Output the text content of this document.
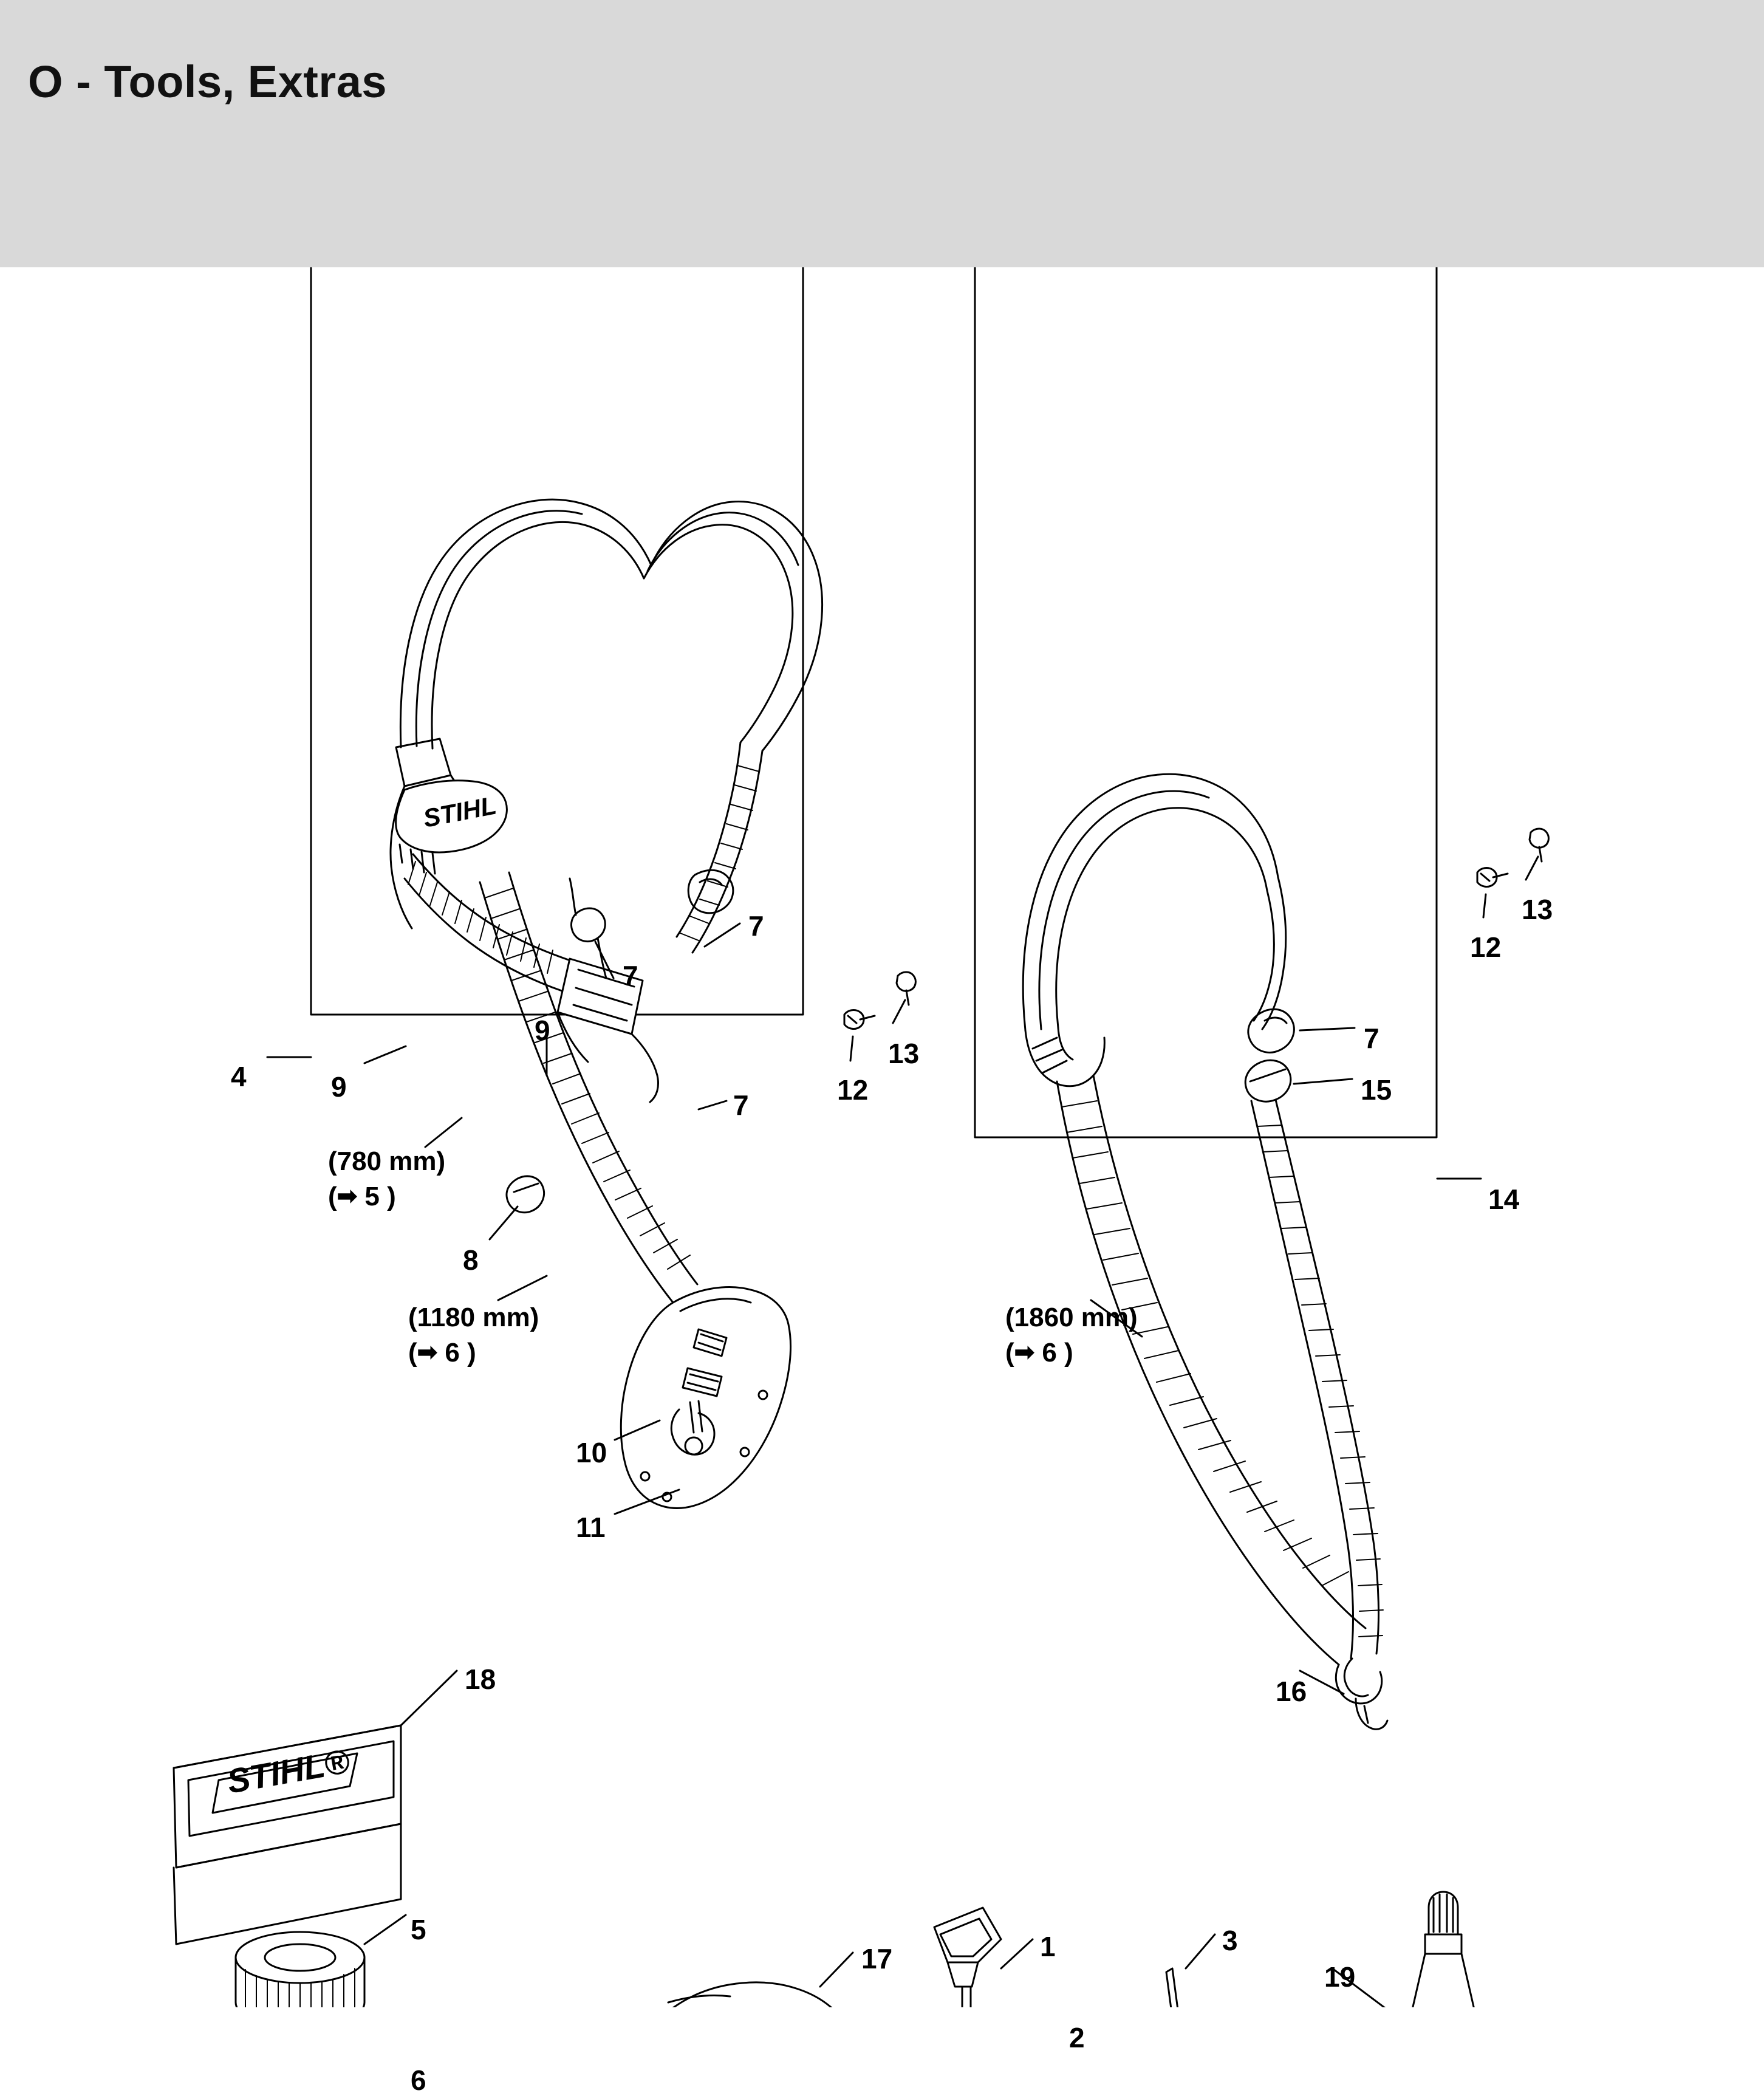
O - Tools, Extras
STIHL
STIHL®
4	9
9
7
7
7
8
10
11
12
13
12
13
7
15
14
16
18
5
6
17	1
2
3
19
(780 mm)
(➡ 5 )
(1180 mm)
(➡ 6 )
(1860 mm)
(➡ 6 )
